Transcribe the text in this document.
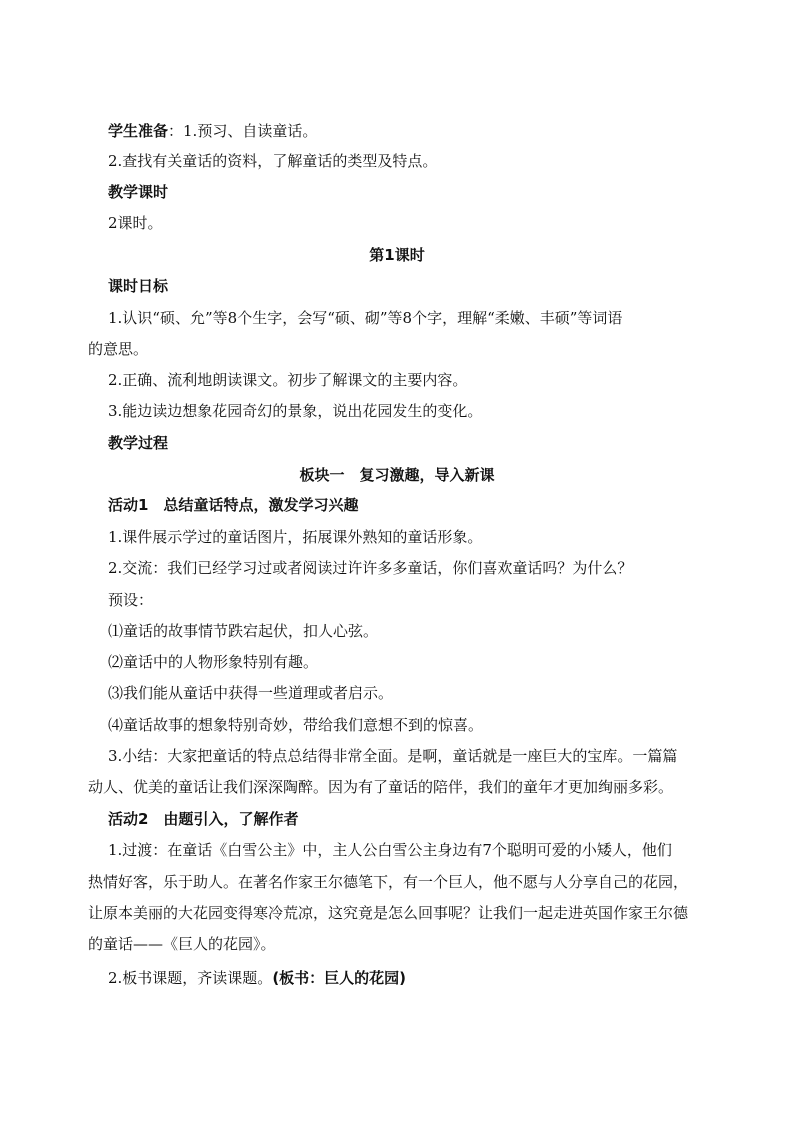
学生准备：1.预习、自读童话。
2.查找有关童话的资料，了解童话的类型及特点。
教学课时
2课时。
第1课时
课时日标
1.认识“硕、允”等8个生字，会写“硕、砌”等8个字，理解“柔嫩、丰硕”等词语
的意思。
2.正确、流利地朗读课文。初步了解课文的主要内容。
3.能边读边想象花园奇幻的景象，说出花园发生的变化。
教学过程
板块一　复习激趣，导入新课
活动1　总结童话特点，激发学习兴趣
1.课件展示学过的童话图片，拓展课外熟知的童话形象。
2.交流：我们已经学习过或者阅读过许许多多童话，你们喜欢童话吗？为什么？
预设：
⑴童话的故事情节跌宕起伏，扣人心弦。
⑵童话中的人物形象特别有趣。
⑶我们能从童话中获得一些道理或者启示。
⑷童话故事的想象特别奇妙，带给我们意想不到的惊喜。
3.小结：大家把童话的特点总结得非常全面。是啊，童话就是一座巨大的宝库。一篇篇
动人、优美的童话让我们深深陶醉。因为有了童话的陪伴，我们的童年才更加绚丽多彩。
活动2　由题引入，了解作者
1.过渡：在童话《白雪公主》中，主人公白雪公主身边有7个聪明可爱的小矮人，他们
热情好客，乐于助人。在著名作家王尔德笔下，有一个巨人，他不愿与人分享自己的花园，
让原本美丽的大花园变得寒冷荒凉，这究竟是怎么回事呢？让我们一起走进英国作家王尔德
的童话——《巨人的花园》。
2.板书课题，齐读课题。(板书：巨人的花园)
